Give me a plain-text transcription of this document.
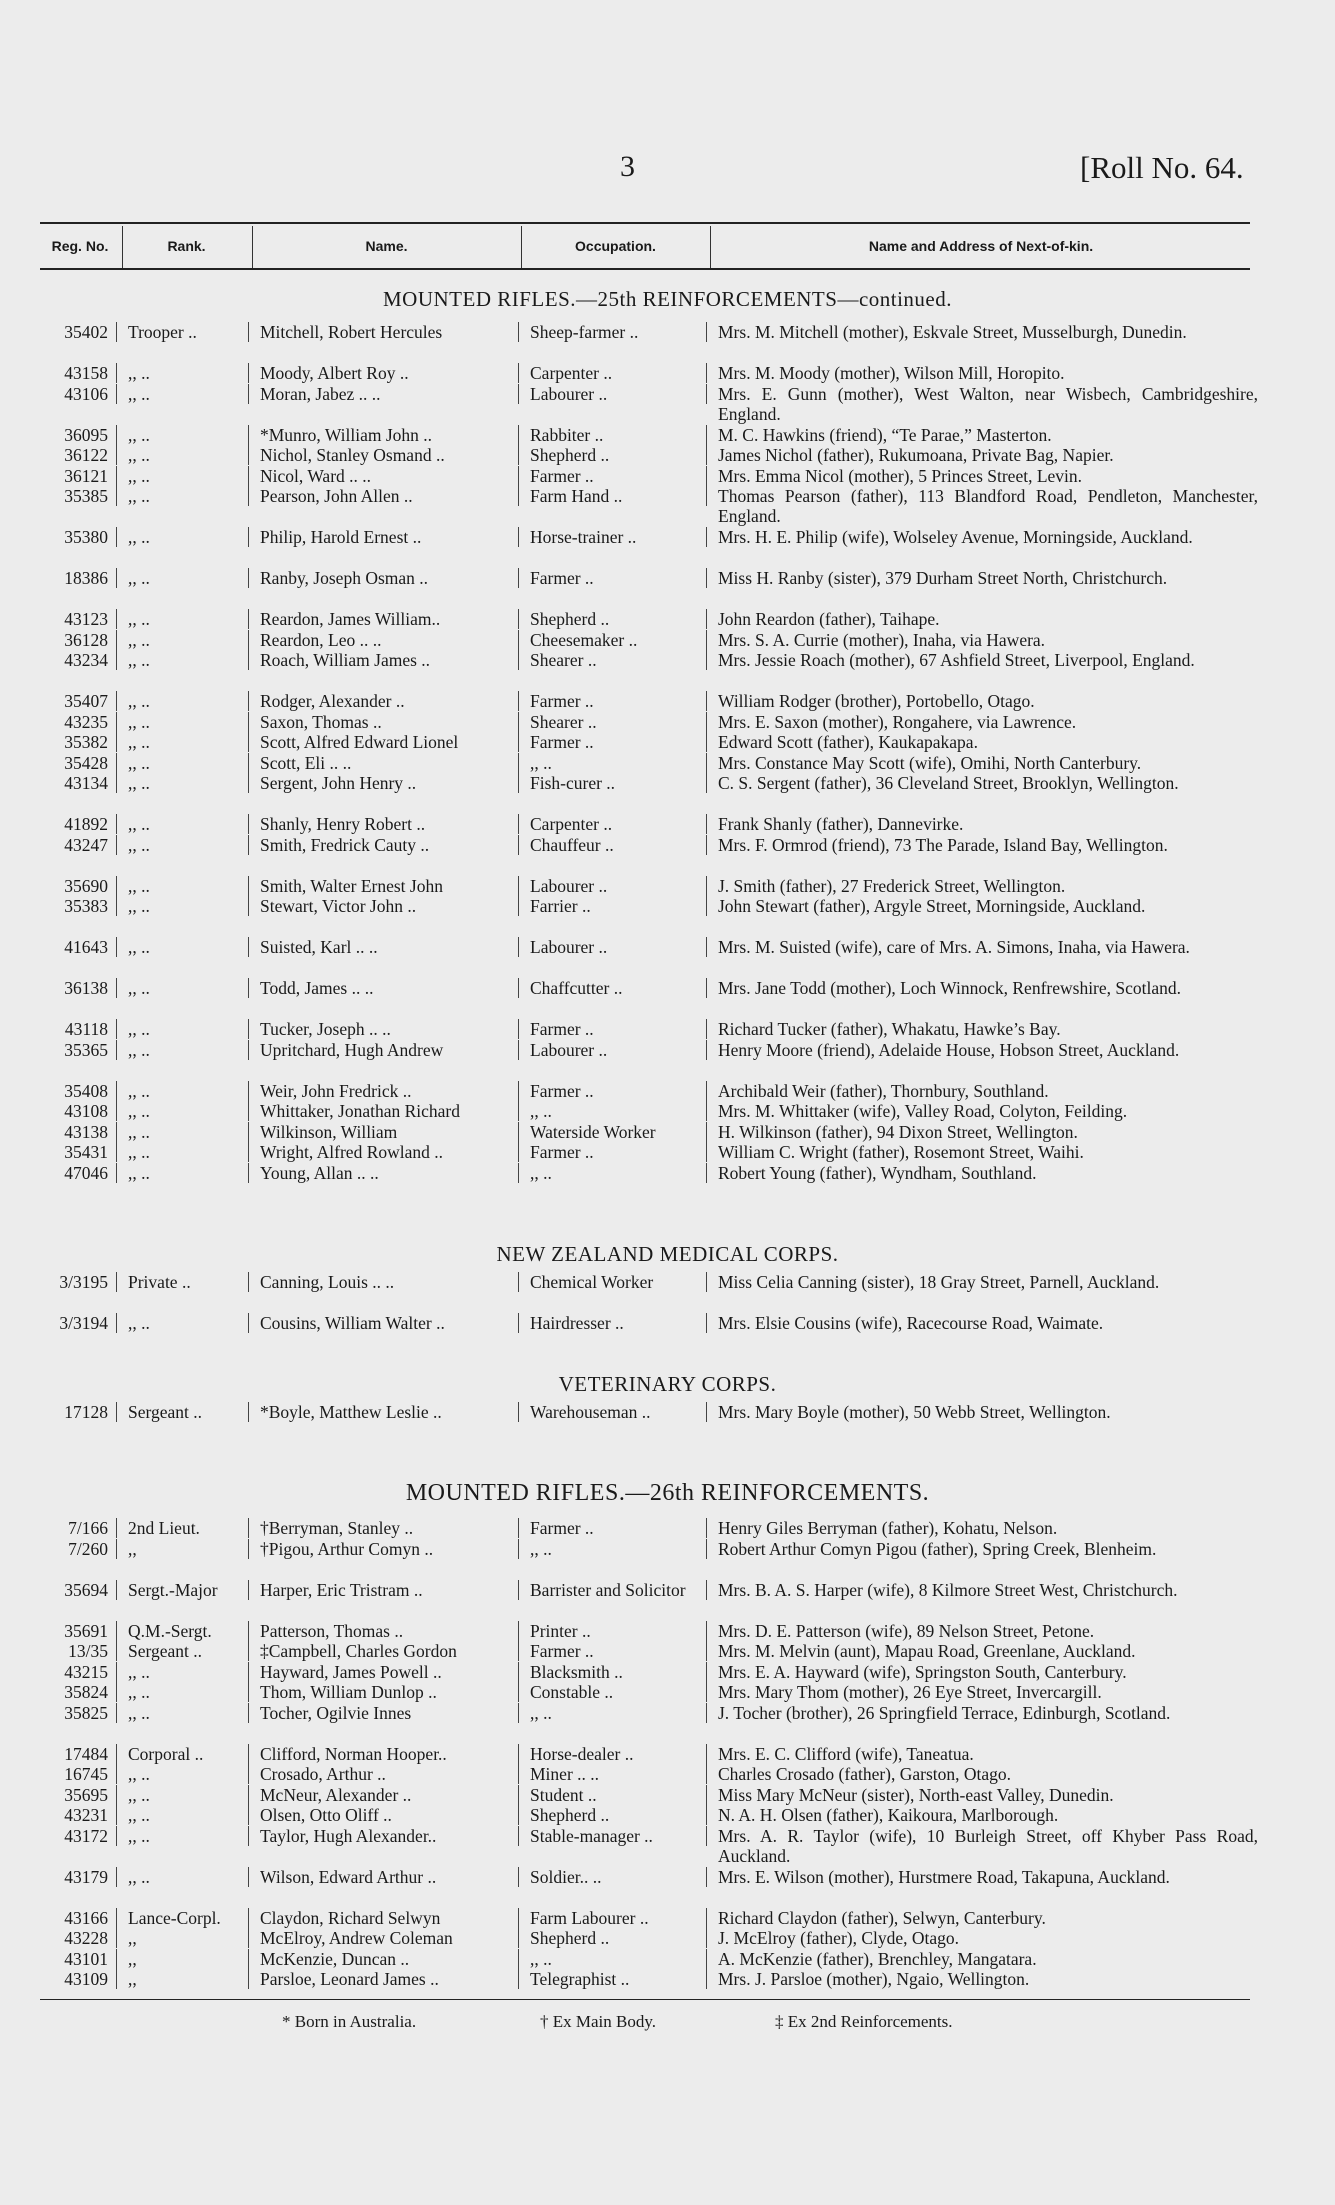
3	[Roll No. 64.
Reg. No.	Rank.	Name.	Occupation.	Name and Address of Next-of-kin.
MOUNTED RIFLES.—25th REINFORCEMENTS—continued.
35402 Trooper ..	Mitchell, Robert Hercules	Sheep-farmer ..	Mrs. M. Mitchell (mother), Eskvale Street, Musselburgh, Dunedin.
43158 ,, ..	Moody, Albert Roy ..	Carpenter ..	Mrs. M. Moody (mother), Wilson Mill, Horopito.
43106 ,, ..	Moran, Jabez .. ..	Labourer ..	Mrs. E. Gunn (mother), West Walton, near Wisbech, Cambridgeshire, England.
36095 ,, ..	*Munro, William John ..	Rabbiter ..	M. C. Hawkins (friend), “Te Parae,” Masterton.
36122 ,, ..	Nichol, Stanley Osmand ..	Shepherd ..	James Nichol (father), Rukumoana, Private Bag, Napier.
36121 ,, ..	Nicol, Ward .. ..	Farmer ..	Mrs. Emma Nicol (mother), 5 Princes Street, Levin.
35385 ,, ..	Pearson, John Allen ..	Farm Hand ..	Thomas Pearson (father), 113 Blandford Road, Pendleton, Manchester, England.
35380 ,, ..	Philip, Harold Ernest ..	Horse-trainer ..	Mrs. H. E. Philip (wife), Wolseley Avenue, Morningside, Auckland.
18386 ,, ..	Ranby, Joseph Osman ..	Farmer ..	Miss H. Ranby (sister), 379 Durham Street North, Christchurch.
43123 ,, ..	Reardon, James William..	Shepherd ..	John Reardon (father), Taihape.
36128 ,, ..	Reardon, Leo .. ..	Cheesemaker ..	Mrs. S. A. Currie (mother), Inaha, via Hawera.
43234 ,, ..	Roach, William James ..	Shearer ..	Mrs. Jessie Roach (mother), 67 Ashfield Street, Liverpool, England.
35407 ,, ..	Rodger, Alexander ..	Farmer ..	William Rodger (brother), Portobello, Otago.
43235 ,, ..	Saxon, Thomas ..	Shearer ..	Mrs. E. Saxon (mother), Rongahere, via Lawrence.
35382 ,, ..	Scott, Alfred Edward Lionel	Farmer ..	Edward Scott (father), Kaukapakapa.
35428 ,, ..	Scott, Eli .. ..	,, ..	Mrs. Constance May Scott (wife), Omihi, North Canterbury.
43134 ,, ..	Sergent, John Henry ..	Fish-curer ..	C. S. Sergent (father), 36 Cleveland Street, Brooklyn, Wellington.
41892 ,, ..	Shanly, Henry Robert ..	Carpenter ..	Frank Shanly (father), Dannevirke.
43247 ,, ..	Smith, Fredrick Cauty ..	Chauffeur ..	Mrs. F. Ormrod (friend), 73 The Parade, Island Bay, Wellington.
35690 ,, ..	Smith, Walter Ernest John	Labourer ..	J. Smith (father), 27 Frederick Street, Wellington.
35383 ,, ..	Stewart, Victor John ..	Farrier ..	John Stewart (father), Argyle Street, Morningside, Auckland.
41643 ,, ..	Suisted, Karl .. ..	Labourer ..	Mrs. M. Suisted (wife), care of Mrs. A. Simons, Inaha, via Hawera.
36138 ,, ..	Todd, James .. ..	Chaffcutter ..	Mrs. Jane Todd (mother), Loch Winnock, Renfrewshire, Scotland.
43118 ,, ..	Tucker, Joseph .. ..	Farmer ..	Richard Tucker (father), Whakatu, Hawke’s Bay.
35365 ,, ..	Upritchard, Hugh Andrew	Labourer ..	Henry Moore (friend), Adelaide House, Hobson Street, Auckland.
35408 ,, ..	Weir, John Fredrick ..	Farmer ..	Archibald Weir (father), Thornbury, Southland.
43108 ,, ..	Whittaker, Jonathan Richard	,, ..	Mrs. M. Whittaker (wife), Valley Road, Colyton, Feilding.
43138 ,, ..	Wilkinson, William	Waterside Worker	H. Wilkinson (father), 94 Dixon Street, Wellington.
35431 ,, ..	Wright, Alfred Rowland ..	Farmer ..	William C. Wright (father), Rosemont Street, Waihi.
47046 ,, ..	Young, Allan .. ..	,, ..	Robert Young (father), Wyndham, Southland.
NEW ZEALAND MEDICAL CORPS.
3/3195 Private ..	Canning, Louis .. ..	Chemical Worker	Miss Celia Canning (sister), 18 Gray Street, Parnell, Auckland.
3/3194 ,, ..	Cousins, William Walter ..	Hairdresser ..	Mrs. Elsie Cousins (wife), Racecourse Road, Waimate.
VETERINARY CORPS.
17128 Sergeant ..	*Boyle, Matthew Leslie ..	Warehouseman ..	Mrs. Mary Boyle (mother), 50 Webb Street, Wellington.
MOUNTED RIFLES.—26th REINFORCEMENTS.
7/166 2nd Lieut.	†Berryman, Stanley ..	Farmer ..	Henry Giles Berryman (father), Kohatu, Nelson.
7/260 ,,	†Pigou, Arthur Comyn ..	,, ..	Robert Arthur Comyn Pigou (father), Spring Creek, Blenheim.
35694 Sergt.-Major	Harper, Eric Tristram ..	Barrister and Solicitor	Mrs. B. A. S. Harper (wife), 8 Kilmore Street West, Christchurch.
35691 Q.M.-Sergt.	Patterson, Thomas ..	Printer ..	Mrs. D. E. Patterson (wife), 89 Nelson Street, Petone.
13/35 Sergeant ..	‡Campbell, Charles Gordon	Farmer ..	Mrs. M. Melvin (aunt), Mapau Road, Greenlane, Auckland.
43215 ,, ..	Hayward, James Powell ..	Blacksmith ..	Mrs. E. A. Hayward (wife), Springston South, Canterbury.
35824 ,, ..	Thom, William Dunlop ..	Constable ..	Mrs. Mary Thom (mother), 26 Eye Street, Invercargill.
35825 ,, ..	Tocher, Ogilvie Innes	,, ..	J. Tocher (brother), 26 Springfield Terrace, Edinburgh, Scotland.
17484 Corporal ..	Clifford, Norman Hooper..	Horse-dealer ..	Mrs. E. C. Clifford (wife), Taneatua.
16745 ,, ..	Crosado, Arthur ..	Miner .. ..	Charles Crosado (father), Garston, Otago.
35695 ,, ..	McNeur, Alexander ..	Student ..	Miss Mary McNeur (sister), North-east Valley, Dunedin.
43231 ,, ..	Olsen, Otto Oliff ..	Shepherd ..	N. A. H. Olsen (father), Kaikoura, Marlborough.
43172 ,, ..	Taylor, Hugh Alexander..	Stable-manager ..	Mrs. A. R. Taylor (wife), 10 Burleigh Street, off Khyber Pass Road, Auckland.
43179 ,, ..	Wilson, Edward Arthur ..	Soldier.. ..	Mrs. E. Wilson (mother), Hurstmere Road, Takapuna, Auckland.
43166 Lance-Corpl.	Claydon, Richard Selwyn	Farm Labourer ..	Richard Claydon (father), Selwyn, Canterbury.
43228 ,,	McElroy, Andrew Coleman	Shepherd ..	J. McElroy (father), Clyde, Otago.
43101 ,,	McKenzie, Duncan ..	,, ..	A. McKenzie (father), Brenchley, Mangatara.
43109 ,,	Parsloe, Leonard James ..	Telegraphist ..	Mrs. J. Parsloe (mother), Ngaio, Wellington.
* Born in Australia.	† Ex Main Body.	‡ Ex 2nd Reinforcements.
